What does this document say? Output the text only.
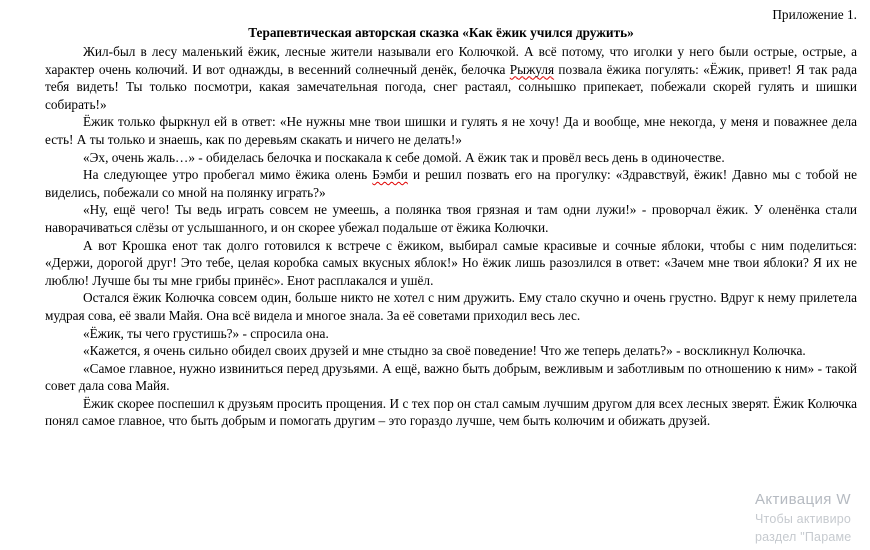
Приложение 1.
Терапевтическая авторская сказка «Как ёжик учился дружить»

Жил-был в лесу маленький ёжик, лесные жители называли его Колючкой. А всё потому, что иголки у него были острые, острые, а характер очень колючий. И вот однажды, в весенний солнечный денёк, белочка Рыжуля позвала ёжика погулять: «Ёжик, привет! Я так рада тебя видеть! Ты только посмотри, какая замечательная погода, снег растаял, солнышко припекает, побежали скорей гулять и шишки собирать!»

Ёжик только фыркнул ей в ответ: «Не нужны мне твои шишки и гулять я не хочу! Да и вообще, мне некогда, у меня и поважнее дела есть! А ты только и знаешь, как по деревьям скакать и ничего не делать!»

«Эх, очень жаль…» - обиделась белочка и поскакала к себе домой. А ёжик так и провёл весь день в одиночестве.

На следующее утро пробегал мимо ёжика олень Бэмби и решил позвать его на прогулку: «Здравствуй, ёжик! Давно мы с тобой не виделись, побежали со мной на полянку играть?»

«Ну, ещё чего! Ты ведь играть совсем не умеешь, а полянка твоя грязная и там одни лужи!» - проворчал ёжик. У оленёнка стали наворачиваться слёзы от услышанного, и он скорее убежал подальше от ёжика Колючки.

А вот Крошка енот так долго готовился к встрече с ёжиком, выбирал самые красивые и сочные яблоки, чтобы с ним поделиться: «Держи, дорогой друг! Это тебе, целая коробка самых вкусных яблок!» Но ёжик лишь разозлился в ответ: «Зачем мне твои яблоки? Я их не люблю! Лучше бы ты мне грибы принёс». Енот расплакался и ушёл.

Остался ёжик Колючка совсем один, больше никто не хотел с ним дружить. Ему стало скучно и очень грустно. Вдруг к нему прилетела мудрая сова, её звали Майя. Она всё видела и многое знала. За её советами приходил весь лес.

«Ёжик, ты чего грустишь?» - спросила она.

«Кажется, я очень сильно обидел своих друзей и мне стыдно за своё поведение! Что же теперь делать?» - воскликнул Колючка.

«Самое главное, нужно извиниться перед друзьями. А ещё, важно быть добрым, вежливым и заботливым по отношению к ним» - такой совет дала сова Майя.

Ёжик скорее поспешил к друзьям просить прощения. И с тех пор он стал самым лучшим другом для всех лесных зверят. Ёжик Колючка понял самое главное, что быть добрым и помогать другим – это гораздо лучше, чем быть колючим и обижать друзей.

Активация W
Чтобы активиро
раздел "Параме
